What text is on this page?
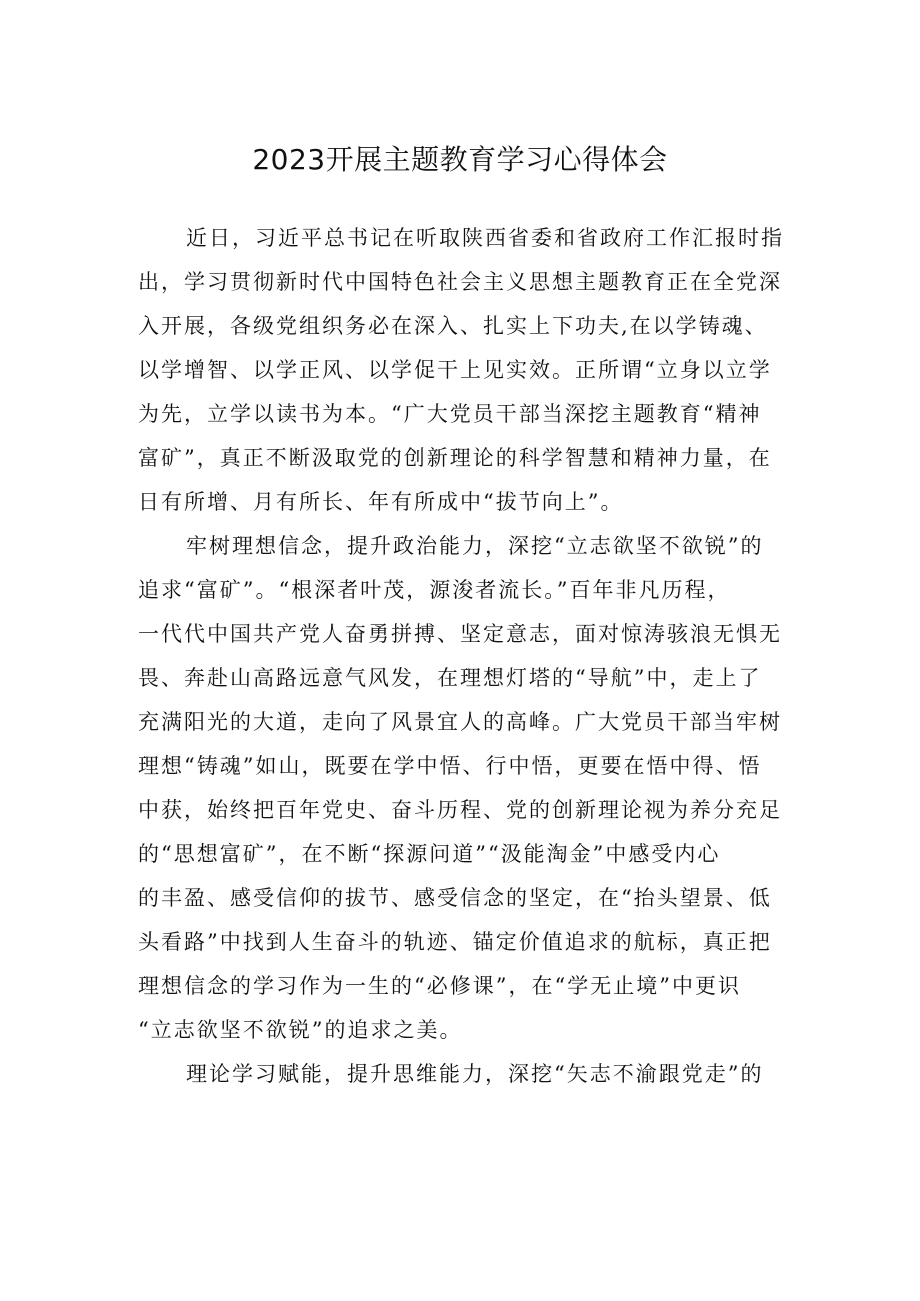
2023开展主题教育学习心得体会
近日，习近平总书记在听取陕西省委和省政府工作汇报时指
出，学习贯彻新时代中国特色社会主义思想主题教育正在全党深
入开展，各级党组织务必在深入、扎实上下功夫,在以学铸魂、
以学增智、以学正风、以学促干上见实效。正所谓“立身以立学
为先，立学以读书为本。“广大党员干部当深挖主题教育“精神
富矿”，真正不断汲取党的创新理论的科学智慧和精神力量，在
日有所增、月有所长、年有所成中“拔节向上”。
牢树理想信念，提升政治能力，深挖“立志欲坚不欲锐”的
追求“富矿”。“根深者叶茂，源浚者流长。”百年非凡历程，
一代代中国共产党人奋勇拼搏、坚定意志，面对惊涛骇浪无惧无
畏、奔赴山高路远意气风发，在理想灯塔的“导航”中，走上了
充满阳光的大道，走向了风景宜人的高峰。广大党员干部当牢树
理想“铸魂”如山，既要在学中悟、行中悟，更要在悟中得、悟
中获，始终把百年党史、奋斗历程、党的创新理论视为养分充足
的“思想富矿”，在不断“探源问道”“汲能淘金”中感受内心
的丰盈、感受信仰的拔节、感受信念的坚定，在“抬头望景、低
头看路”中找到人生奋斗的轨迹、锚定价值追求的航标，真正把
理想信念的学习作为一生的“必修课”，在“学无止境”中更识
“立志欲坚不欲锐”的追求之美。
理论学习赋能，提升思维能力，深挖“矢志不渝跟党走”的
